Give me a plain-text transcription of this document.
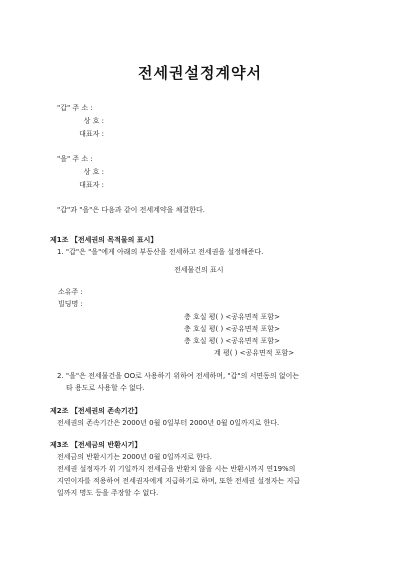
전세권설정계약서
"갑" 주 소 :
상 호 :
대표자 :
"을" 주 소 :
상 호 :
대표자 :
"갑"과 "을"은 다음과 같이 전세계약을 체결한다.
제1조 【전세권의 목적물의 표시】
1. "갑"은 "을"에게 아래의 부동산을 전세하고 전세권을 설정해준다.
전세물건의 표시
소유주 :
빌딩명 :
층 호실 평( ) <공유면적 포함>
층 호실 평( ) <공유면적 포함>
층 호실 평( ) <공유면적 포함>
계 평( ) <공유면적 포함>
2. "을"은 전세물건을 OO로 사용하기 위하여 전세하며, "갑"의 서면동의 없이는
타 용도로 사용할 수 없다.
제2조 【전세권의 존속기간】
전세권의 존속기간은 2000년 0월 0일부터 2000년 0월 0일까지로 한다.
제3조 【전세금의 반환시기】
전세금의 반환시기는 2000년 0월 0일까지로 한다.
전세권 설정자가 위 기일까지 전세금을 반환치 않을 시는 반환시까지 연19%의
지연이자를 적용하여 전세권자에게 지급하기로 하며, 또한 전세권 설정자는 지급
일까지 명도 등을 주장할 수 없다.
